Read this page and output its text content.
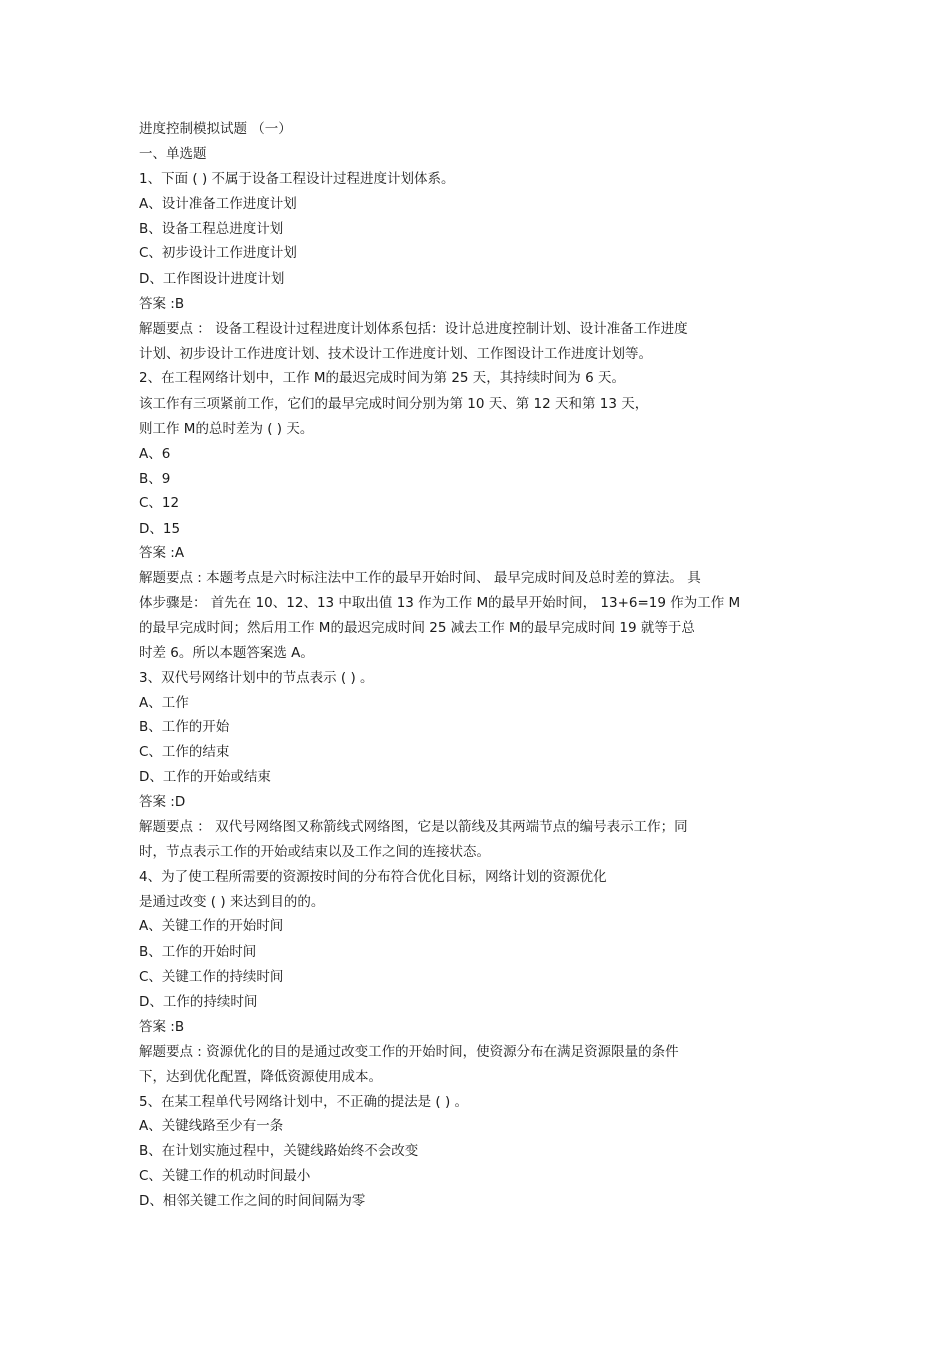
进度控制模拟试题 （一）
一、单选题
1、下面 ( ) 不属于设备工程设计过程进度计划体系。
A、设计准备工作进度计划
B、设备工程总进度计划
C、初步设计工作进度计划
D、工作图设计进度计划
答案 :B
解题要点 ： 设备工程设计过程进度计划体系包括：设计总进度控制计划、设计准备工作进度
计划、初步设计工作进度计划、技术设计工作进度计划、工作图设计工作进度计划等。
2、在工程网络计划中，工作 M的最迟完成时间为第 25 天，其持续时间为 6 天。
该工作有三项紧前工作，它们的最早完成时间分别为第 10 天、第 12 天和第 13 天，
则工作 M的总时差为 ( ) 天。
A、6
B、9
C、12
D、15
答案 :A
解题要点 : 本题考点是六时标注法中工作的最早开始时间、 最早完成时间及总时差的算法。 具
体步骤是： 首先在 10、12、13 中取出值 13 作为工作 M的最早开始时间， 13+6=19 作为工作 M
的最早完成时间；然后用工作 M的最迟完成时间 25 减去工作 M的最早完成时间 19 就等于总
时差 6。所以本题答案选 A。
3、双代号网络计划中的节点表示 ( ) 。
A、工作
B、工作的开始
C、工作的结束
D、工作的开始或结束
答案 :D
解题要点 ： 双代号网络图又称箭线式网络图，它是以箭线及其两端节点的编号表示工作；同
时，节点表示工作的开始或结束以及工作之间的连接状态。
4、为了使工程所需要的资源按时间的分布符合优化目标，网络计划的资源优化
是通过改变 ( ) 来达到目的的。
A、关键工作的开始时间
B、工作的开始时间
C、关键工作的持续时间
D、工作的持续时间
答案 :B
解题要点 : 资源优化的目的是通过改变工作的开始时间，使资源分布在满足资源限量的条件
下，达到优化配置，降低资源使用成本。
5、在某工程单代号网络计划中，不正确的提法是 ( ) 。
A、关键线路至少有一条
B、在计划实施过程中，关键线路始终不会改变
C、关键工作的机动时间最小
D、相邻关键工作之间的时间间隔为零
